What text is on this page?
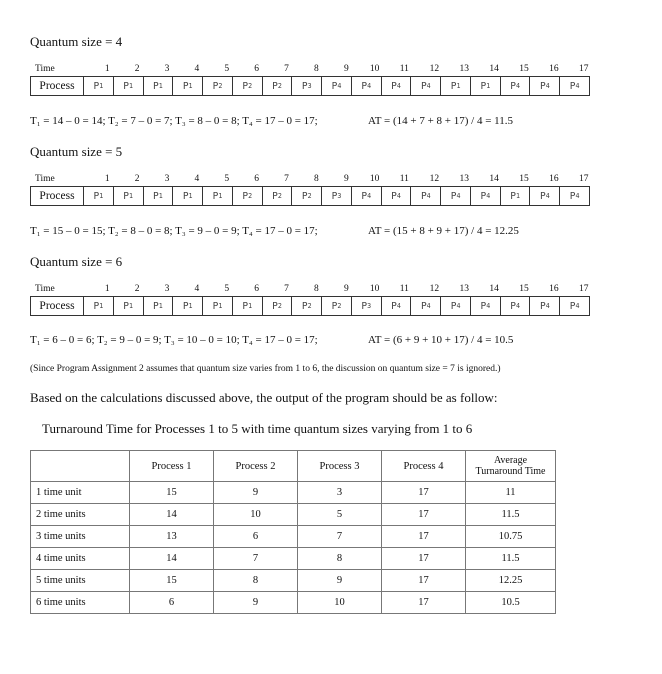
Quantum size = 4
Time	1	2	3	4	5	6	7	8	9 10 11 12 13 14 15 16 17
Process	P 1	P 1	P 1	P 1	P 2	P 2	P 2	P 3	P 4	P 4	P 4	P 4	P 1	P 1	P 4	P 4	P 4
T₁ = 14 – 0 = 14; T₂ = 7 – 0 = 7; T₃ = 8 – 0 = 8; T₄ = 17 – 0 = 17;	AT = (14 + 7 + 8 + 17) / 4 = 11.5
Quantum size = 5
Time	1	2	3	4	5	6	7	8	9 10 11 12 13 14 15 16 17
Process	P 1	P 1	P 1	P 1	P 1	P 2	P 2	P 2	P 3	P 4	P 4	P 4	P 4	P 4	P 1	P 4	P 4
T₁ = 15 – 0 = 15; T₂ = 8 – 0 = 8; T₃ = 9 – 0 = 9; T₄ = 17 – 0 = 17;	AT = (15 + 8 + 9 + 17) / 4 = 12.25
Quantum size = 6
Time	1	2	3	4	5	6	7	8	9 10 11 12 13 14 15 16 17
Process	P 1	P 1	P 1	P 1	P 1	P 1	P 2	P 2	P 2	P 3	P 4	P 4	P 4	P 4	P 4	P 4	P 4
T₁ = 6 – 0 = 6; T₂ = 9 – 0 = 9; T₃ = 10 – 0 = 10; T₄ = 17 – 0 = 17;	AT = (6 + 9 + 10 + 17) / 4 = 10.5
(Since Program Assignment 2 assumes that quantum size varies from 1 to 6, the discussion on quantum size = 7 is ignored.)
Based on the calculations discussed above, the output of the program should be as follow:
Turnaround Time for Processes 1 to 5 with time quantum sizes varying from 1 to 6
	Process 1	Process 2	Process 3	Process 4	Average
Turnaround Time
1 time unit	15	9	3	17	11
2 time units	14	10	5	17	11.5
3 time units	13	6	7	17	10.75
4 time units	14	7	8	17	11.5
5 time units	15	8	9	17	12.25
6 time units	6	9	10	17	10.5
